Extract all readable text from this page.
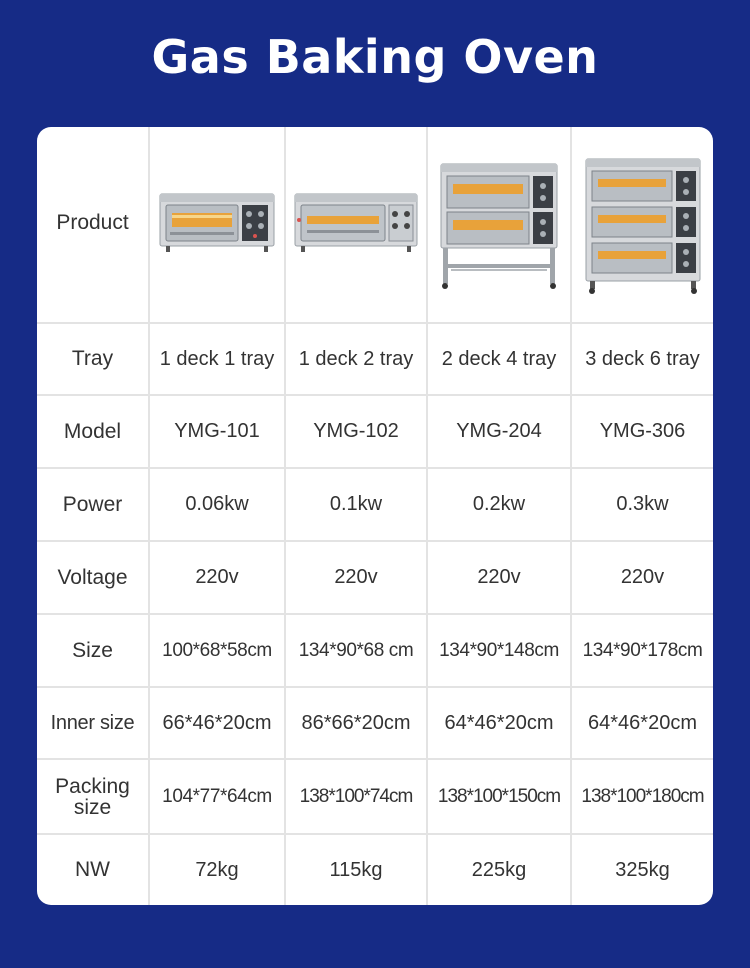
Gas Baking Oven
Product	

Tray	1 deck 1 tray	1 deck 2 tray	2 deck 4 tray	3 deck 6 tray
Model	YMG-101	YMG-102	YMG-204	YMG-306
Power	0.06kw	0.1kw	0.2kw	0.3kw
Voltage	220v	220v	220v	220v
Size	100*68*58cm	134*90*68 cm	134*90*148cm	134*90*178cm
Inner size	66*46*20cm	86*66*20cm	64*46*20cm	64*46*20cm

Packing
size	104*77*64cm	138*100*74cm	138*100*150cm	138*100*180cm
NW	72kg	115kg	225kg	325kg
